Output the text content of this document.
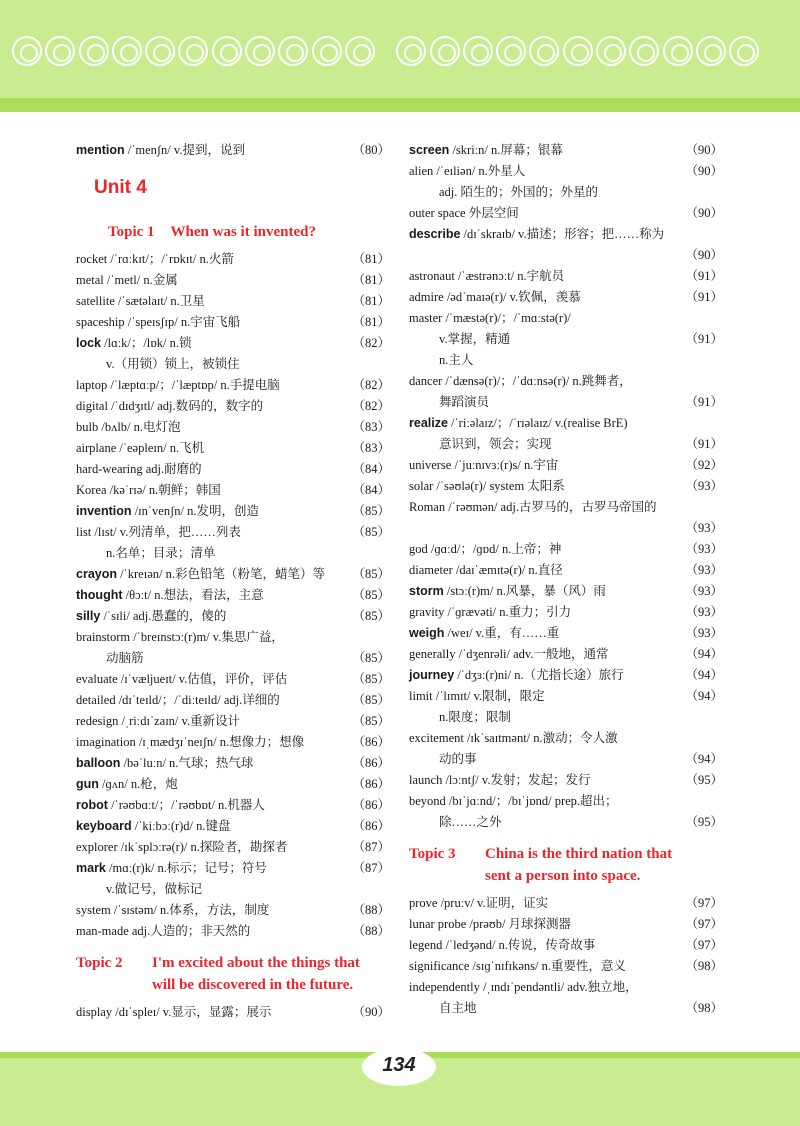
mention /ˈmenʃn/ v.提到，说到	（80）
Unit 4
Topic 1 When was it invented?
rocket /ˈrɑːkɪt/；/ˈrɒkɪt/ n.火箭	（81）
metal /ˈmetl/ n.金属	（81）
satellite /ˈsætəlaɪt/ n.卫星	（81）
spaceship /ˈspeɪsʃɪp/ n.宇宙飞船	（81）
lock /lɑːk/；/lɒk/ n.锁	（82）
v.（用锁）锁上，被锁住
laptop /ˈlæptɑːp/；/ˈlæptɒp/ n.手提电脑	（82）
digital /ˈdɪdʒɪtl/ adj.数码的，数字的	（82）
bulb /bʌlb/ n.电灯泡	（83）
airplane /ˈeəpleɪn/ n.飞机	（83）
hard-wearing adj.耐磨的	（84）
Korea /kəˈrɪə/ n.朝鲜；韩国	（84）
invention /ɪnˈvenʃn/ n.发明，创造	（85）
list /lɪst/ v.列清单，把……列表	（85）
n.名单；目录；清单
crayon /ˈkreɪən/ n.彩色铅笔（粉笔，蜡笔）等	（85）
thought /θɔːt/ n.想法，看法，主意	（85）
silly /ˈsɪli/ adj.愚蠢的，傻的	（85）
brainstorm /ˈbreɪnstɔː(r)m/ v.集思广益，
动脑筋	（85）
evaluate /ɪˈvæljueɪt/ v.估值，评价，评估	（85）
detailed /dɪˈteɪld/；/ˈdiːteɪld/ adj.详细的	（85）
redesign /ˌriːdɪˈzaɪn/ v.重新设计	（85）
imagination /ɪˌmædʒɪˈneɪʃn/ n.想像力；想像	（86）
balloon /bəˈluːn/ n.气球；热气球	（86）
gun /ɡʌn/ n.枪，炮	（86）
robot /ˈrəʊbɑːt/；/ˈrəʊbɒt/ n.机器人	（86）
keyboard /ˈkiːbɔː(r)d/ n.键盘	（86）
explorer /ɪkˈsplɔːrə(r)/ n.探险者，勘探者	（87）
mark /mɑː(r)k/ n.标示；记号；符号	（87）
v.做记号，做标记
system /ˈsɪstəm/ n.体系，方法，制度	（88）
man-made adj.人造的；非天然的	（88）
Topic 2 I'm excited about the things that
will be discovered in the future.
display /dɪˈspleɪ/ v.显示，显露；展示	（90）
screen /skriːn/ n.屏幕；银幕	（90）
alien /ˈeɪliən/ n.外星人	（90）
adj. 陌生的；外国的；外星的
outer space 外层空间	（90）
describe /dɪˈskraɪb/ v.描述；形容；把……称为
（90）
astronaut /ˈæstrənɔːt/ n.宇航员	（91）
admire /ədˈmaɪə(r)/ v.钦佩，羡慕	（91）
master /ˈmæstə(r)/；/ˈmɑːstə(r)/
v.掌握，精通	（91）
n.主人
dancer /ˈdænsə(r)/；/ˈdɑːnsə(r)/ n.跳舞者，
舞蹈演员	（91）
realize /ˈriːəlaɪz/；/ˈrɪəlaɪz/ v.(realise BrE)
意识到，领会；实现	（91）
universe /ˈjuːnɪvɜː(r)s/ n.宇宙	（92）
solar /ˈsəʊlə(r)/ system 太阳系	（93）
Roman /ˈrəʊmən/ adj.古罗马的，古罗马帝国的
（93）
god /ɡɑːd/；/ɡɒd/ n.上帝；神	（93）
diameter /daɪˈæmɪtə(r)/ n.直径	（93）
storm /stɔː(r)m/ n.风暴，暴（风）雨	（93）
gravity /ˈɡrævəti/ n.重力；引力	（93）
weigh /weɪ/ v.重，有……重	（93）
generally /ˈdʒenrəli/ adv.一般地，通常	（94）
journey /ˈdʒɜː(r)ni/ n.（尤指长途）旅行	（94）
limit /ˈlɪmɪt/ v.限制，限定	（94）
n.限度；限制
excitement /ɪkˈsaɪtmənt/ n.激动；令人激
动的事	（94）
launch /lɔːntʃ/ v.发射；发起；发行	（95）
beyond /bɪˈjɑːnd/；/bɪˈjɒnd/ prep.超出；
除……之外	（95）
Topic 3 China is the third nation that
sent a person into space.
prove /pruːv/ v.证明，证实	（97）
lunar probe /prəʊb/ 月球探测器	（97）
legend /ˈledʒənd/ n.传说，传奇故事	（97）
significance /sɪɡˈnɪfɪkəns/ n.重要性，意义	（98）
independently /ˌɪndɪˈpendəntli/ adv.独立地，
自主地	（98）
134
